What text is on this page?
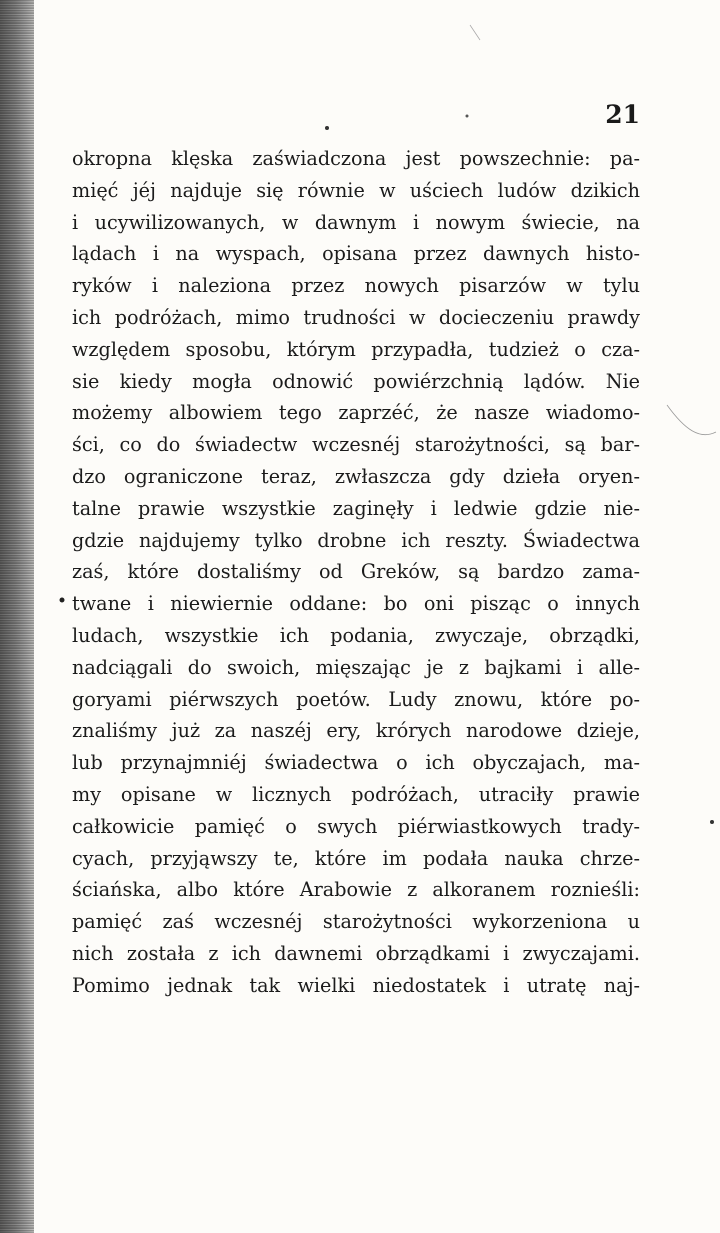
21

okropna klęska zaświadczona jest powszechnie: pa-
mięć jéj najduje się równie w uściech ludów dzikich
i ucywilizowanych, w dawnym i nowym świecie, na
lądach i na wyspach, opisana przez dawnych histo-
ryków i naleziona przez nowych pisarzów w tylu
ich podróżach, mimo trudności w docieczeniu prawdy
względem sposobu, którym przypadła, tudzież o cza-
sie kiedy mogła odnowić powiérzchnią lądów. Nie
możemy albowiem tego zaprzéć, że nasze wiadomo-
ści, co do świadectw wczesnéj starożytności, są bar-
dzo ograniczone teraz, zwłaszcza gdy dzieła oryen-
talne prawie wszystkie zaginęły i ledwie gdzie nie-
gdzie najdujemy tylko drobne ich reszty. Świadectwa
zaś, które dostaliśmy od Greków, są bardzo zama-
twane i niewiernie oddane: bo oni pisząc o innych
ludach, wszystkie ich podania, zwyczaje, obrządki,
nadciągali do swoich, mięszając je z bajkami i alle-
goryami piérwszych poetów. Ludy znowu, które po-
znaliśmy już za naszéj ery, krórych narodowe dzieje,
lub przynajmniéj świadectwa o ich obyczajach, ma-
my opisane w licznych podróżach, utraciły prawie
całkowicie pamięć o swych piérwiastkowych trady-
cyach, przyjąwszy te, które im podała nauka chrze-
ściańska, albo które Arabowie z alkoranem roznieśli:
pamięć zaś wczesnéj starożytności wykorzeniona u
nich została z ich dawnemi obrządkami i zwyczajami.
Pomimo jednak tak wielki niedostatek i utratę naj-
